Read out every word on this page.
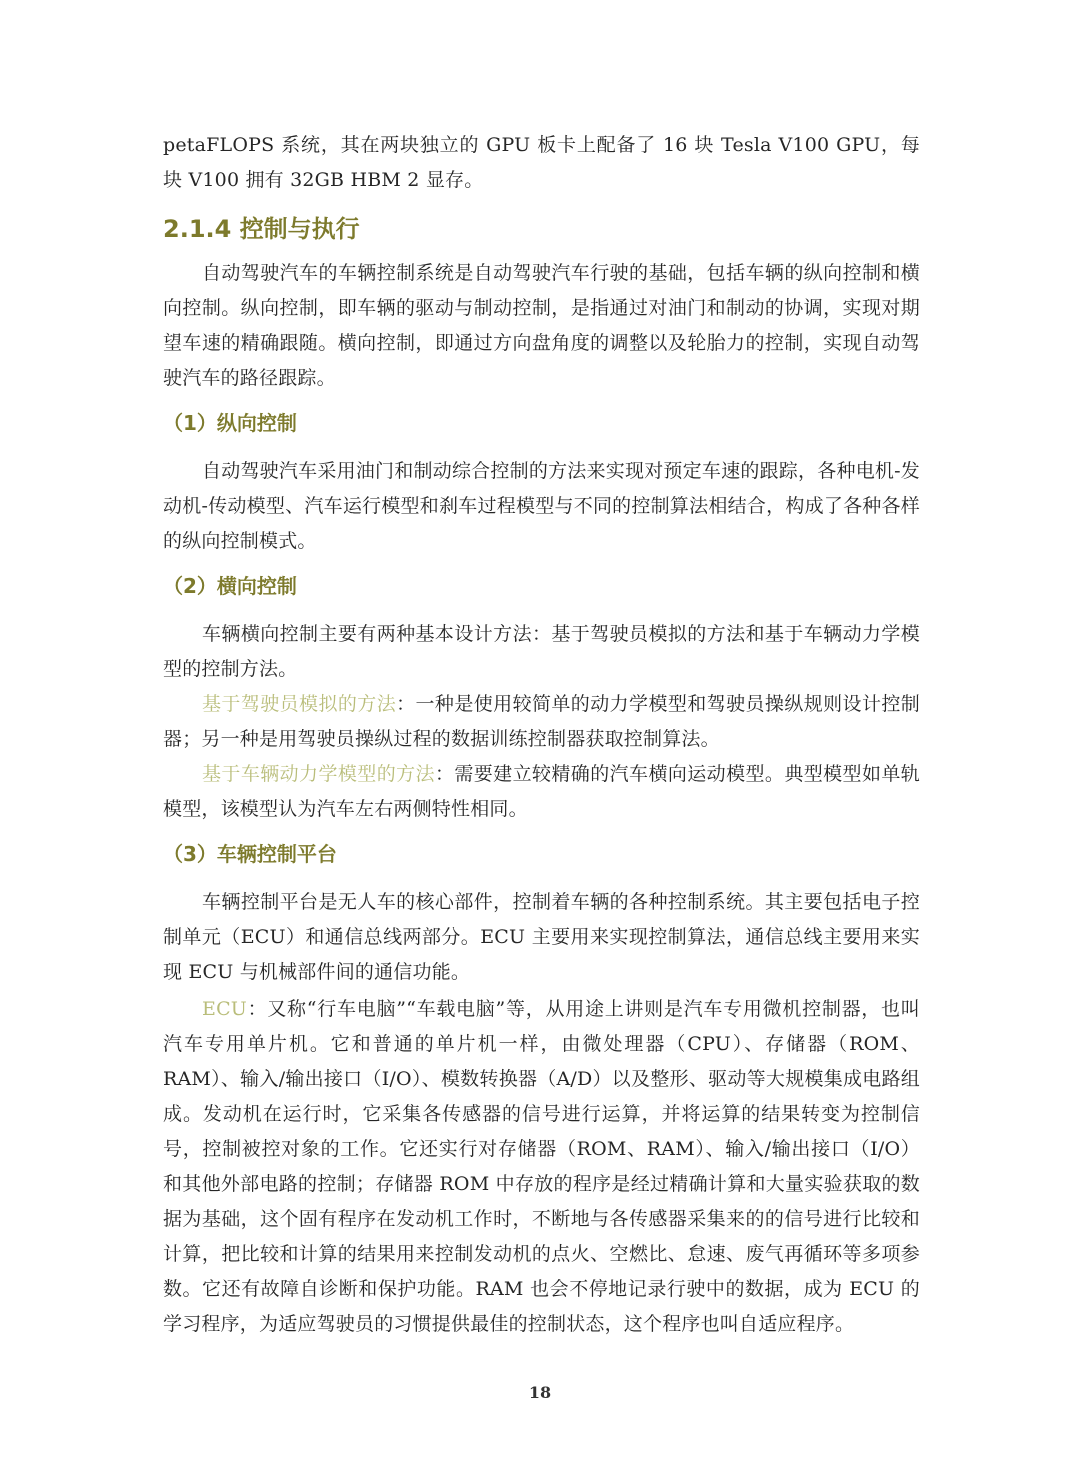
petaFLOPS 系统，其在两块独立的 GPU 板卡上配备了 16 块 Tesla V100 GPU，每块 V100 拥有 32GB HBM 2 显存。

2.1.4 控制与执行

自动驾驶汽车的车辆控制系统是自动驾驶汽车行驶的基础，包括车辆的纵向控制和横向控制。纵向控制，即车辆的驱动与制动控制，是指通过对油门和制动的协调，实现对期望车速的精确跟随。横向控制，即通过方向盘角度的调整以及轮胎力的控制，实现自动驾驶汽车的路径跟踪。

（1）纵向控制

自动驾驶汽车采用油门和制动综合控制的方法来实现对预定车速的跟踪，各种电机-发动机-传动模型、汽车运行模型和刹车过程模型与不同的控制算法相结合，构成了各种各样的纵向控制模式。

（2）横向控制

车辆横向控制主要有两种基本设计方法：基于驾驶员模拟的方法和基于车辆动力学模型的控制方法。

基于驾驶员模拟的方法：一种是使用较简单的动力学模型和驾驶员操纵规则设计控制器；另一种是用驾驶员操纵过程的数据训练控制器获取控制算法。

基于车辆动力学模型的方法：需要建立较精确的汽车横向运动模型。典型模型如单轨模型，该模型认为汽车左右两侧特性相同。

（3）车辆控制平台

车辆控制平台是无人车的核心部件，控制着车辆的各种控制系统。其主要包括电子控制单元（ECU）和通信总线两部分。ECU 主要用来实现控制算法，通信总线主要用来实现 ECU 与机械部件间的通信功能。

ECU：又称“行车电脑”“车载电脑”等，从用途上讲则是汽车专用微机控制器，也叫汽车专用单片机。它和普通的单片机一样，由微处理器（CPU）、存储器（ROM、RAM）、输入/输出接口（I/O）、模数转换器（A/D）以及整形、驱动等大规模集成电路组成。发动机在运行时，它采集各传感器的信号进行运算，并将运算的结果转变为控制信号，控制被控对象的工作。它还实行对存储器（ROM、RAM）、输入/输出接口（I/O）和其他外部电路的控制；存储器 ROM 中存放的程序是经过精确计算和大量实验获取的数据为基础，这个固有程序在发动机工作时，不断地与各传感器采集来的的信号进行比较和计算，把比较和计算的结果用来控制发动机的点火、空燃比、怠速、废气再循环等多项参数。它还有故障自诊断和保护功能。RAM 也会不停地记录行驶中的数据，成为 ECU 的学习程序，为适应驾驶员的习惯提供最佳的控制状态，这个程序也叫自适应程序。

18
